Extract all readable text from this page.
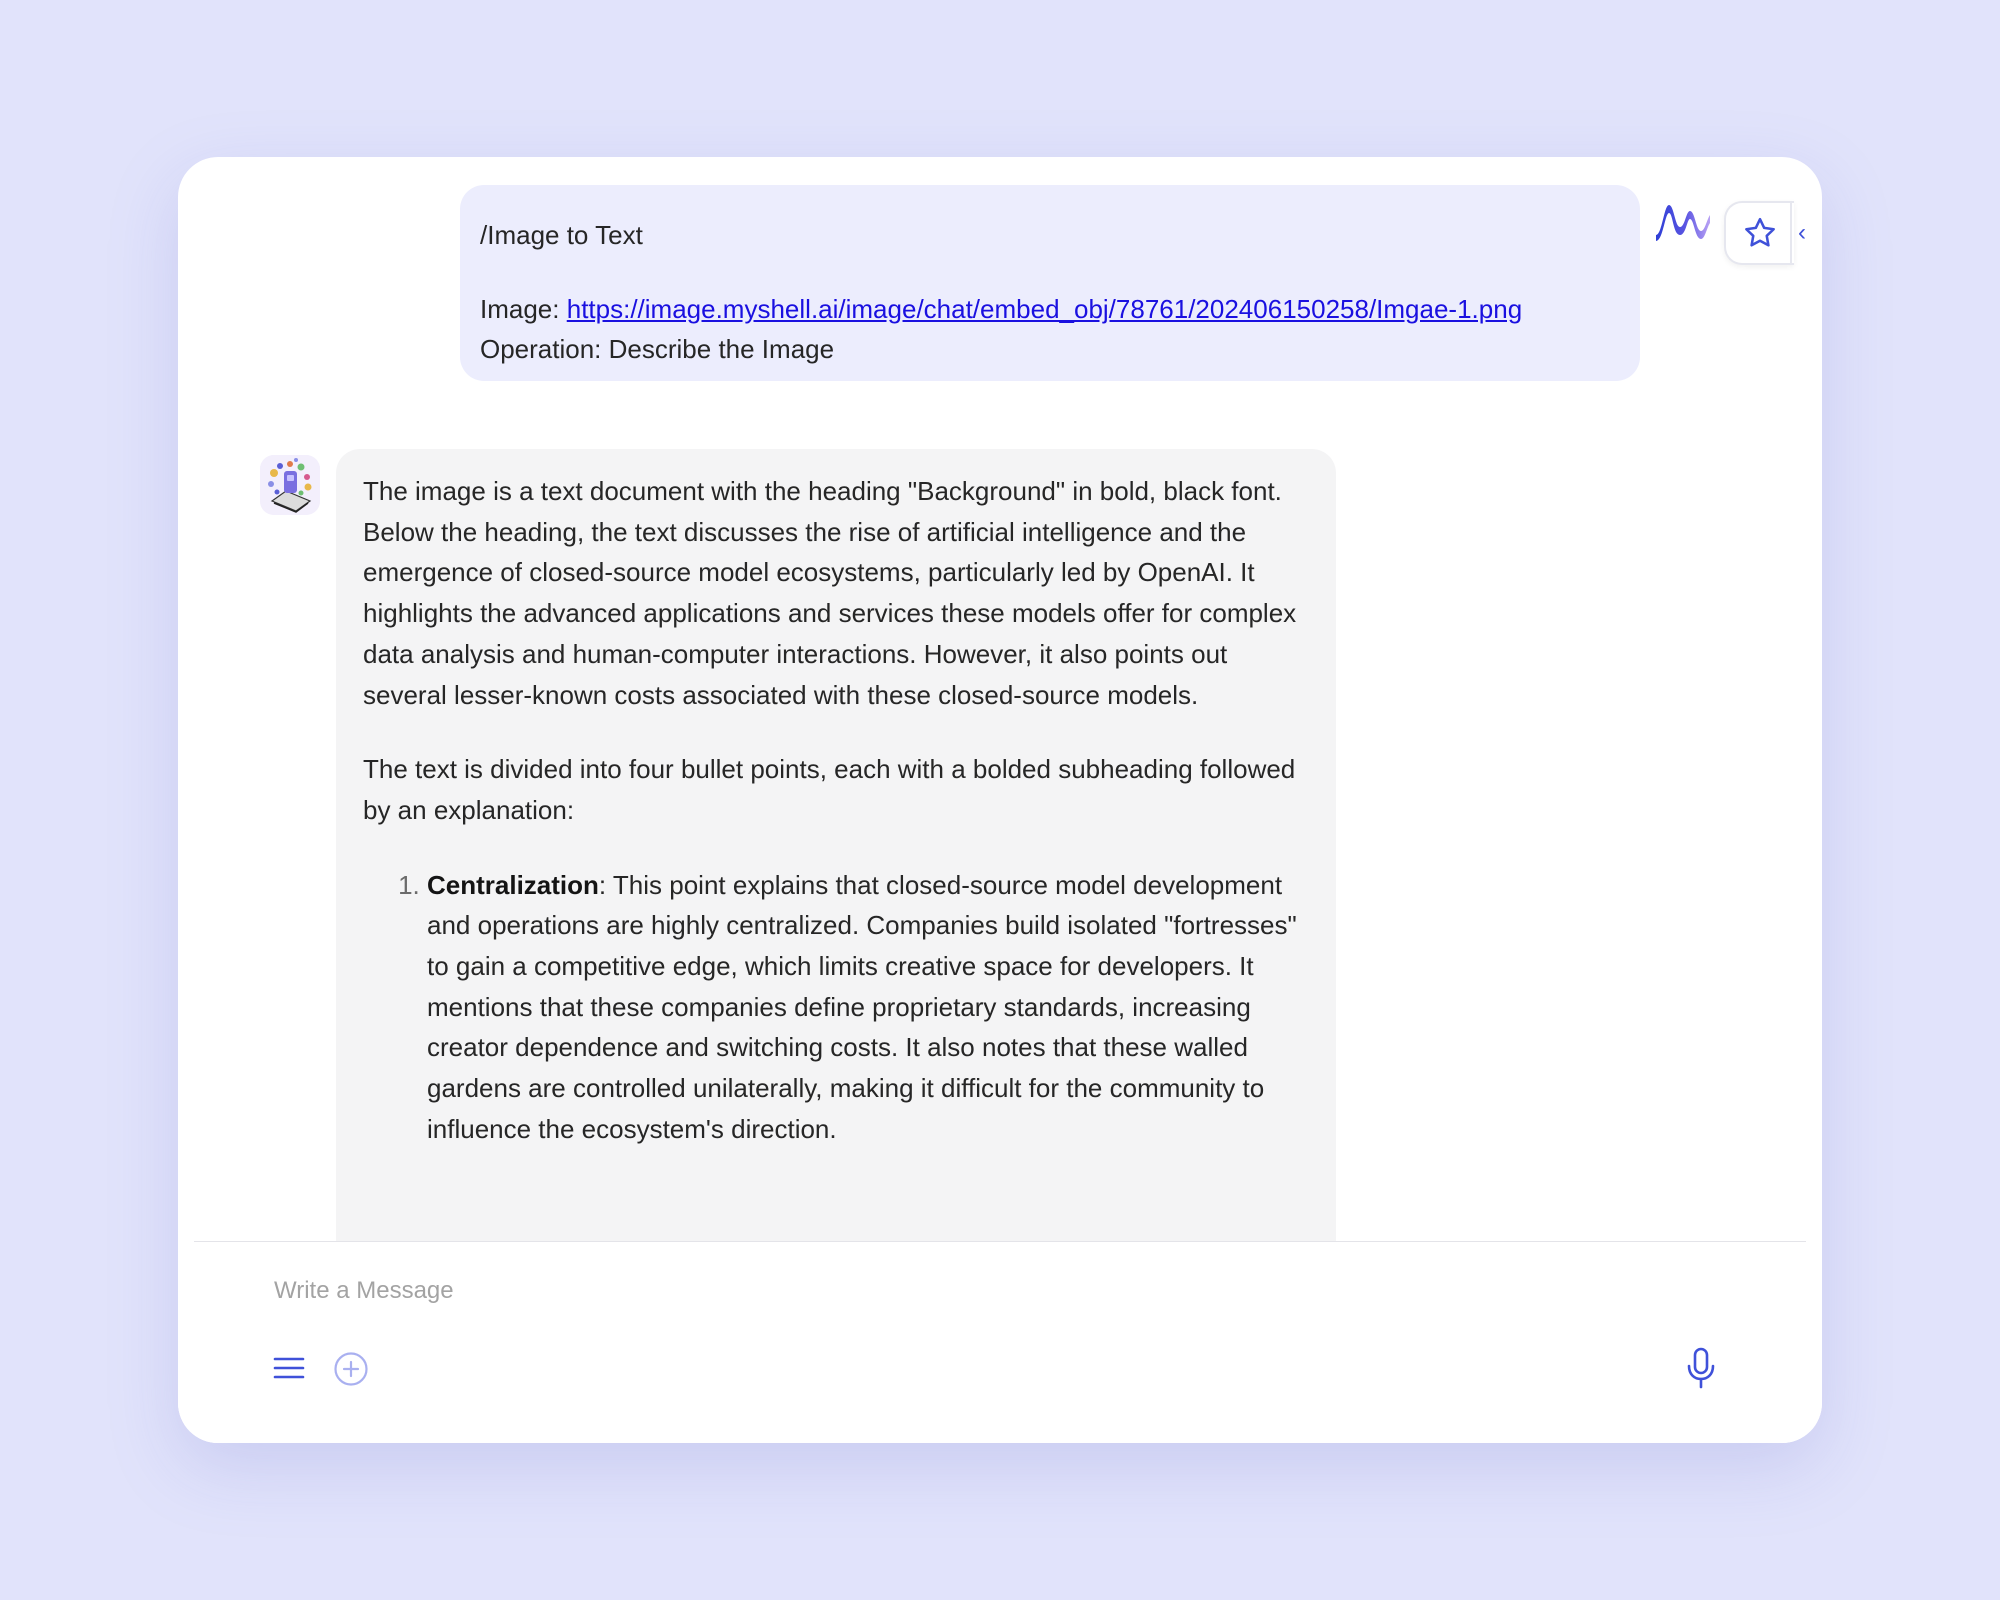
/Image to Text
Image: https://image.myshell.ai/image/chat/embed_obj/78761/202406150258/Imgae-1.png
Operation: Describe the Image
‹

The image is a text document with the heading "Background" in bold, black font. Below the heading, the text discusses the rise of artificial intelligence and the emergence of closed-source model ecosystems, particularly led by OpenAI. It highlights the advanced applications and services these models offer for complex data analysis and human-computer interactions. However, it also points out several lesser-known costs associated with these closed-source models.

The text is divided into four bullet points, each with a bolded subheading followed by an explanation:

1. Centralization: This point explains that closed-source model development and operations are highly centralized. Companies build isolated "fortresses" to gain a competitive edge, which limits creative space for developers. It mentions that these companies define proprietary standards, increasing creator dependence and switching costs. It also notes that these walled gardens are controlled unilaterally, making it difficult for the community to influence the ecosystem's direction.
Write a Message
